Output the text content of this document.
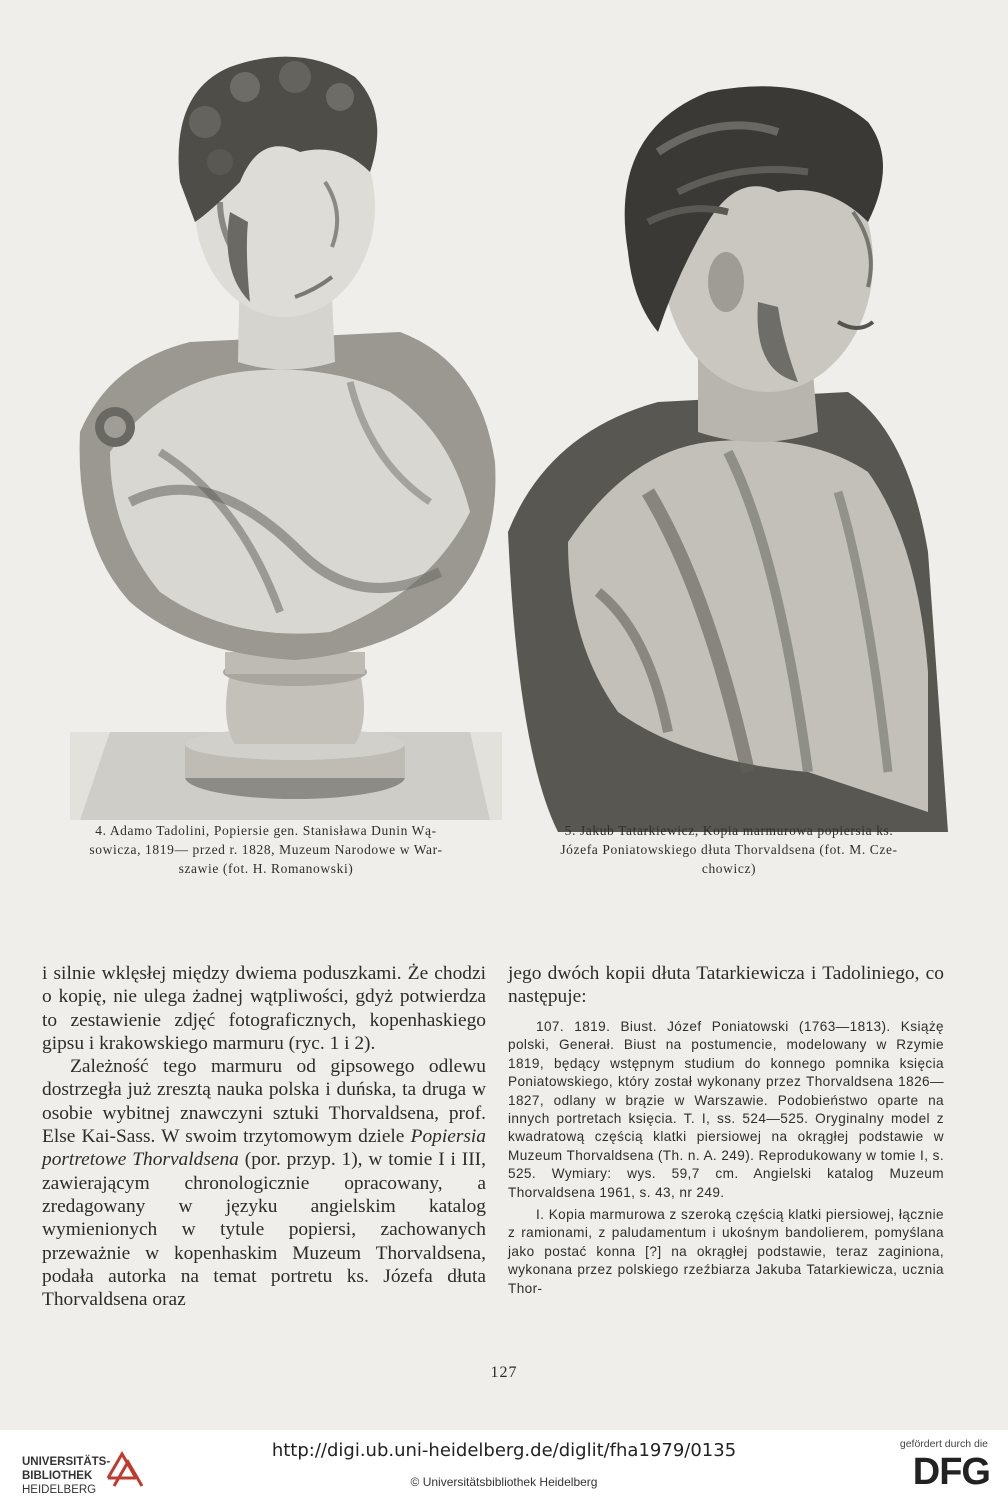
4. Adamo Tadolini, Popiersie gen. Stanisława Dunin Wą-
sowicza, 1819— przed r. 1828, Muzeum Narodowe w War-
szawie (fot. H. Romanowski)
5. Jakub Tatarkiewicz, Kopia marmurowa popiersia ks.
Józefa Poniatowskiego dłuta Thorvaldsena (fot. M. Cze-
chowicz)

i silnie wklęsłej między dwiema poduszkami. Że chodzi o kopię, nie ulega żadnej wątpliwości, gdyż potwierdza to zestawienie zdjęć fotograficznych, kopenhaskiego gipsu i krakowskiego marmuru (ryc. 1 i 2).

Zależność tego marmuru od gipsowego odlewu dostrzegła już zresztą nauka polska i duńska, ta druga w osobie wybitnej znawczyni sztuki Thorvaldsena, prof. Else Kai-Sass. W swoim trzytomowym dziele Popiersia portretowe Thorvaldsena (por. przyp. 1), w tomie I i III, zawierającym chronologicznie opracowany, a zredagowany w języku angielskim katalog wymienionych w tytule popiersi, zachowanych przeważnie w kopenhaskim Muzeum Thorvaldsena, podała autorka na temat portretu ks. Józefa dłuta Thorvaldsena oraz

jego dwóch kopii dłuta Tatarkiewicza i Tadoliniego, co następuje:

107. 1819. Biust. Józef Poniatowski (1763—1813). Książę polski, Generał. Biust na postumencie, modelowany w Rzymie 1819, będący wstępnym studium do konnego pomnika księcia Poniatowskiego, który został wykonany przez Thorvaldsena 1826—1827, odlany w brązie w Warszawie. Podobieństwo oparte na innych portretach księcia. T. I, ss. 524—525. Oryginalny model z kwadratową częścią klatki piersiowej na okrągłej podstawie w Muzeum Thorvaldsena (Th. n. A. 249). Reprodukowany w tomie I, s. 525. Wymiary: wys. 59,7 cm. Angielski katalog Muzeum Thorvaldsena 1961, s. 43, nr 249.

I. Kopia marmurowa z szeroką częścią klatki piersiowej, łącznie z ramionami, z paludamentum i ukośnym bandolierem, pomyślana jako postać konna [?] na okrągłej podstawie, teraz zaginiona, wykonana przez polskiego rzeźbiarza Jakuba Tatarkiewicza, ucznia Thor-

127
UNIVERSITÄTS-
BIBLIOTHEK
HEIDELBERG
http://digi.ub.uni-heidelberg.de/diglit/fha1979/0135
© Universitätsbibliothek Heidelberg
gefördert durch die
DFG
